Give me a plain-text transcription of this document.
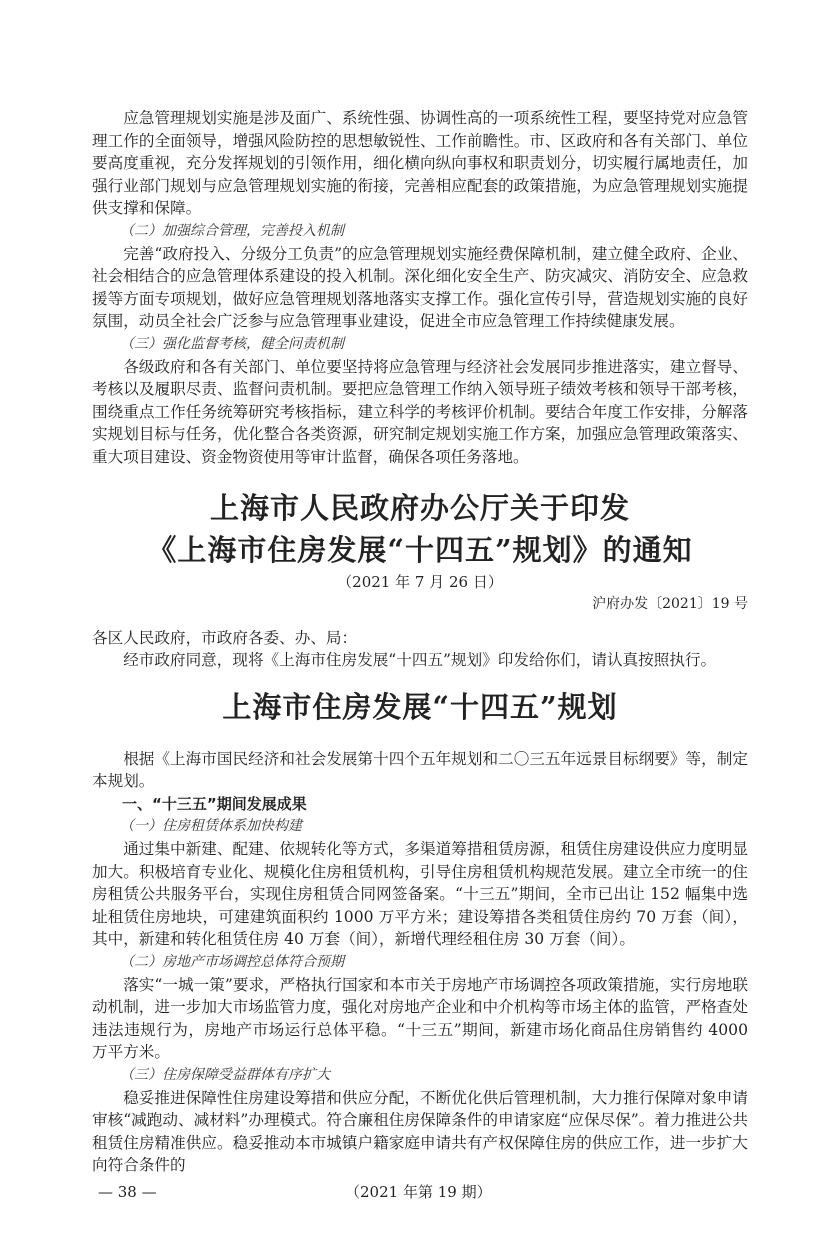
应急管理规划实施是涉及面广、系统性强、协调性高的一项系统性工程，要坚持党对应急管理工作的全面领导，增强风险防控的思想敏锐性、工作前瞻性。市、区政府和各有关部门、单位要高度重视，充分发挥规划的引领作用，细化横向纵向事权和职责划分，切实履行属地责任，加强行业部门规划与应急管理规划实施的衔接，完善相应配套的政策措施，为应急管理规划实施提供支撑和保障。

（二）加强综合管理，完善投入机制

完善“政府投入、分级分工负责”的应急管理规划实施经费保障机制，建立健全政府、企业、社会相结合的应急管理体系建设的投入机制。深化细化安全生产、防灾减灾、消防安全、应急救援等方面专项规划，做好应急管理规划落地落实支撑工作。强化宣传引导，营造规划实施的良好氛围，动员全社会广泛参与应急管理事业建设，促进全市应急管理工作持续健康发展。

（三）强化监督考核，健全问责机制

各级政府和各有关部门、单位要坚持将应急管理与经济社会发展同步推进落实，建立督导、考核以及履职尽责、监督问责机制。要把应急管理工作纳入领导班子绩效考核和领导干部考核，围绕重点工作任务统筹研究考核指标，建立科学的考核评价机制。要结合年度工作安排，分解落实规划目标与任务，优化整合各类资源，研究制定规划实施工作方案，加强应急管理政策落实、重大项目建设、资金物资使用等审计监督，确保各项任务落地。

上海市人民政府办公厅关于印发

《上海市住房发展“十四五”规划》的通知

（2021 年 7 月 26 日）

沪府办发〔2021〕19 号

各区人民政府，市政府各委、办、局：

经市政府同意，现将《上海市住房发展“十四五”规划》印发给你们，请认真按照执行。

上海市住房发展“十四五”规划

根据《上海市国民经济和社会发展第十四个五年规划和二〇三五年远景目标纲要》等，制定本规划。

一、“十三五”期间发展成果

（一）住房租赁体系加快构建

通过集中新建、配建、依规转化等方式，多渠道筹措租赁房源，租赁住房建设供应力度明显加大。积极培育专业化、规模化住房租赁机构，引导住房租赁机构规范发展。建立全市统一的住房租赁公共服务平台，实现住房租赁合同网签备案。“十三五”期间，全市已出让 152 幅集中选址租赁住房地块，可建建筑面积约 1000 万平方米；建设筹措各类租赁住房约 70 万套（间），其中，新建和转化租赁住房 40 万套（间），新增代理经租住房 30 万套（间）。

（二）房地产市场调控总体符合预期

落实“一城一策”要求，严格执行国家和本市关于房地产市场调控各项政策措施，实行房地联动机制，进一步加大市场监管力度，强化对房地产企业和中介机构等市场主体的监管，严格查处违法违规行为，房地产市场运行总体平稳。“十三五”期间，新建市场化商品住房销售约 4000 万平方米。

（三）住房保障受益群体有序扩大

稳妥推进保障性住房建设筹措和供应分配，不断优化供后管理机制，大力推行保障对象申请审核“减跑动、减材料”办理模式。符合廉租住房保障条件的申请家庭“应保尽保”。着力推进公共租赁住房精准供应。稳妥推动本市城镇户籍家庭申请共有产权保障住房的供应工作，进一步扩大向符合条件的

— 38 —	（2021 年第 19 期）
